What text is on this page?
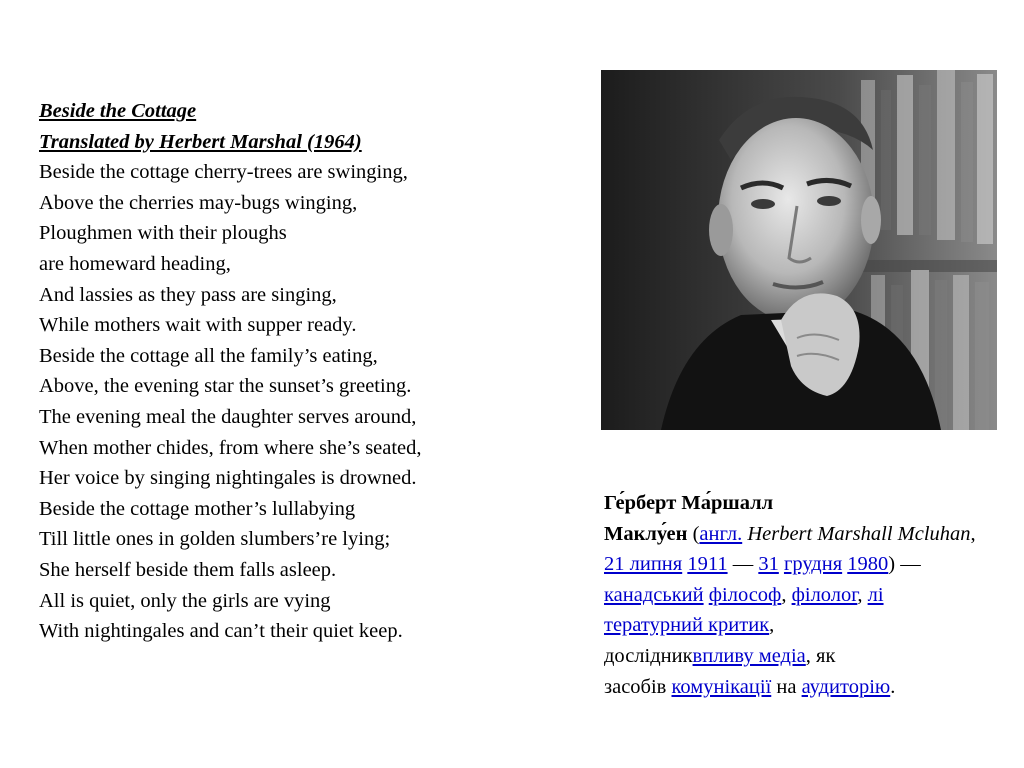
Beside the Cottage
Translated by Herbert Marshal (1964)
Beside the cottage cherry-trees are swinging,
Above the cherries may-bugs winging,
Ploughmen with their ploughs
are homeward heading,
And lassies as they pass are singing,
While mothers wait with supper ready.
Beside the cottage all the family’s eating,
Above, the evening star the sunset’s greeting.
The evening meal the daughter serves around,
When mother chides, from where she’s seated,
Her voice by singing nightingales is drowned.
Beside the cottage mother’s lullabying
Till little ones in golden slumbers’re lying;
She herself beside them falls asleep.
All is quiet, only the girls are vying
With nightingales and can’t their quiet keep.
Ге́рберт Ма́ршалл
Маклу́ен (англ. Herbert Marshall Mcluhan, 21 липня 1911 — 31 грудня 1980) —
канадський філософ, філолог, лі
тературний критик,
дослідниквпливу медіа, як
засобів комунікації на аудиторію.
